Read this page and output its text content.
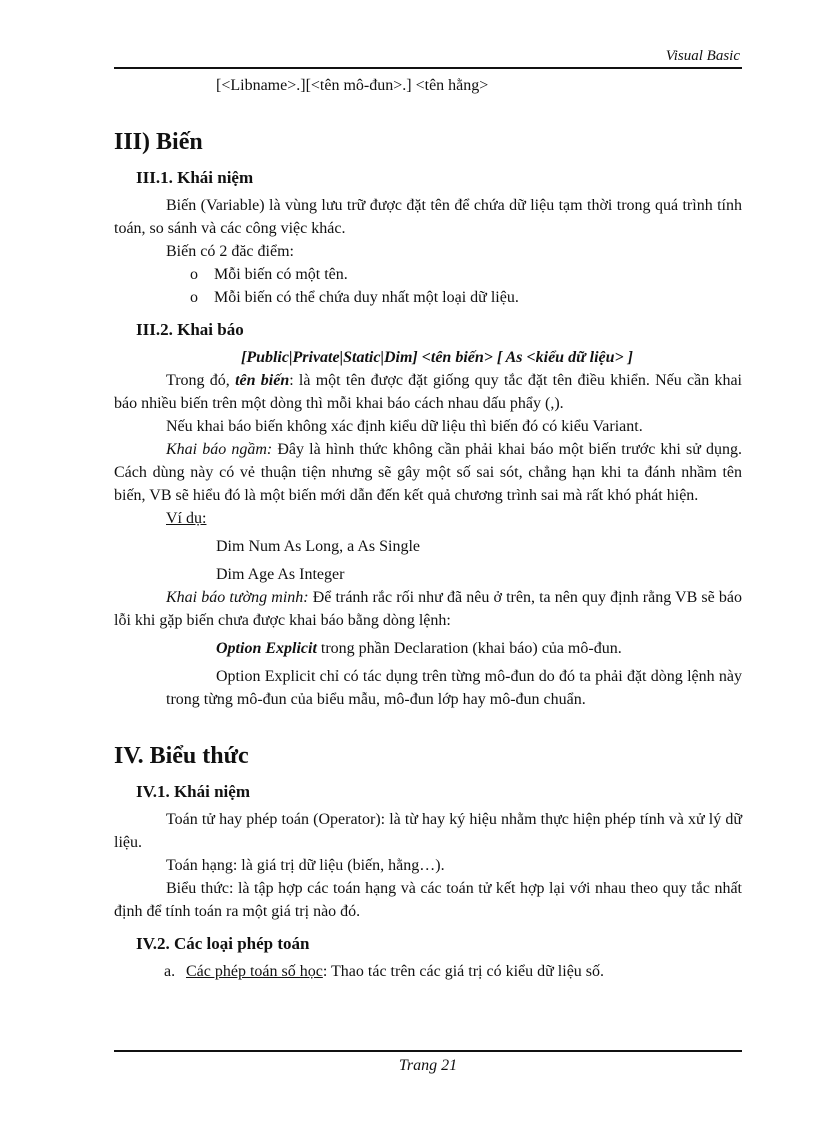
Visual Basic

[<Libname>.][<tên mô-đun>.] <tên hằng>

III) Biến

III.1. Khái niệm

Biến (Variable) là vùng lưu trữ được đặt tên để chứa dữ liệu tạm thời trong quá trình tính toán, so sánh và các công việc khác.

Biến có 2 đăc điểm:

o	Mỗi biến có một tên.
o	Mỗi biến có thể chứa duy nhất một loại dữ liệu.

III.2. Khai báo

[Public|Private|Static|Dim] <tên biến> [ As <kiểu dữ liệu> ]

Trong đó, tên biến: là một tên được đặt giống quy tắc đặt tên điều khiển. Nếu cần khai báo nhiều biến trên một dòng thì mỗi khai báo cách nhau dấu phẩy (,).

Nếu khai báo biến không xác định kiểu dữ liệu thì biến đó có kiểu Variant.

Khai báo ngầm: Đây là hình thức không cần phải khai báo một biến trước khi sử dụng. Cách dùng này có vẻ thuận tiện nhưng sẽ gây một số sai sót, chẳng hạn khi ta đánh nhầm tên biến, VB sẽ hiểu đó là một biến mới dẫn đến kết quả chương trình sai mà rất khó phát hiện.

Ví dụ:

Dim Num As Long, a As Single

Dim Age As Integer

Khai báo tường minh: Để tránh rắc rối như đã nêu ở trên, ta nên quy định rằng VB sẽ báo lỗi khi gặp biến chưa được khai báo bằng dòng lệnh:

Option Explicit trong phần Declaration (khai báo) của mô-đun.

Option Explicit chỉ có tác dụng trên từng mô-đun do đó ta phải đặt dòng lệnh này trong từng mô-đun của biểu mẫu, mô-đun lớp hay mô-đun chuẩn.

IV. Biểu thức

IV.1. Khái niệm

Toán tử hay phép toán (Operator): là từ hay ký hiệu nhằm thực hiện phép tính và xử lý dữ liệu.

Toán hạng: là giá trị dữ liệu (biến, hằng…).

Biểu thức: là tập hợp các toán hạng và các toán tử kết hợp lại với nhau theo quy tắc nhất định để tính toán ra một giá trị nào đó.

IV.2. Các loại phép toán

a. Các phép toán số học: Thao tác trên các giá trị có kiểu dữ liệu số.

Trang 21
